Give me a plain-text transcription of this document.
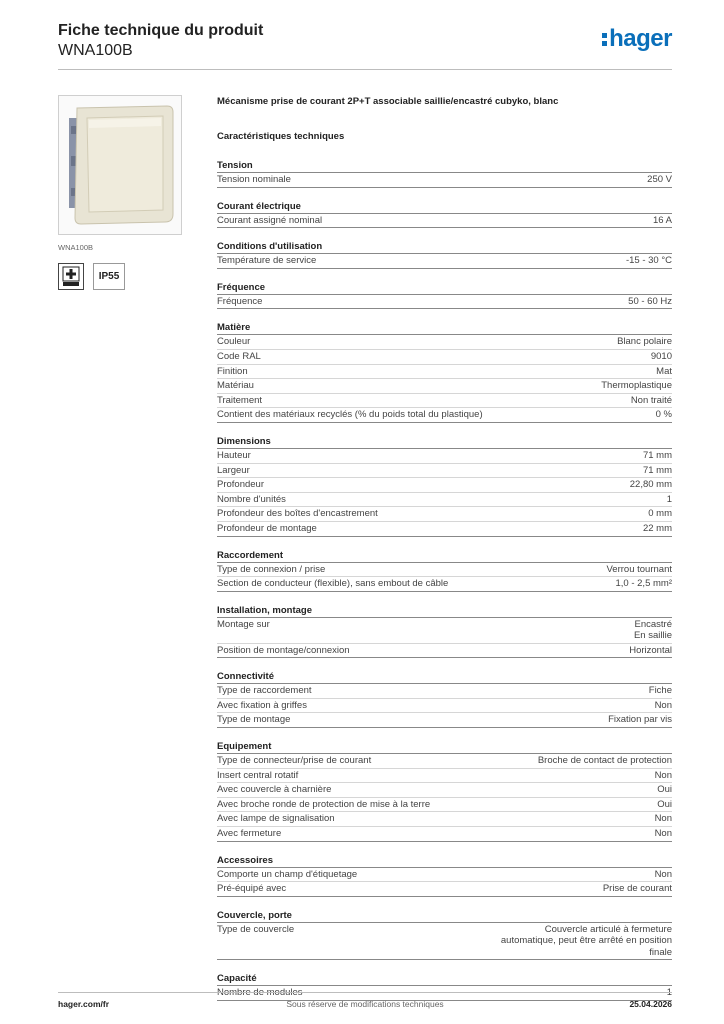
Fiche technique du produit
WNA100B	hager
WNA100B
IP55
Mécanisme prise de courant 2P+T associable saillie/encastré cubyko, blanc
Caractéristiques techniques
Tension
Tension nominale	250 V
Courant électrique
Courant assigné nominal	16 A
Conditions d'utilisation
Température de service	-15 - 30 °C
Fréquence
Fréquence	50 - 60 Hz
Matière
Couleur	Blanc polaire
Code RAL	9010
Finition	Mat
Matériau	Thermoplastique
Traitement	Non traité
Contient des matériaux recyclés (% du poids total du plastique)	0 %
Dimensions
Hauteur	71 mm
Largeur	71 mm
Profondeur	22,80 mm
Nombre d'unités	1
Profondeur des boîtes d'encastrement	0 mm
Profondeur de montage	22 mm
Raccordement
Type de connexion / prise	Verrou tournant
Section de conducteur (flexible), sans embout de câble	1,0 - 2,5 mm²
Installation, montage
Montage sur	Encastré
En saillie
Position de montage/connexion	Horizontal
Connectivité
Type de raccordement	Fiche
Avec fixation à griffes	Non
Type de montage	Fixation par vis
Equipement
Type de connecteur/prise de courant	Broche de contact de protection
Insert central rotatif	Non
Avec couvercle à charnière	Oui
Avec broche ronde de protection de mise à la terre	Oui
Avec lampe de signalisation	Non
Avec fermeture	Non
Accessoires
Comporte un champ d'étiquetage	Non
Pré-équipé avec	Prise de courant
Couvercle, porte
Type de couvercle	Couvercle articulé à fermeture
automatique, peut être arrêté en position
finale
Capacité
Nombre de modules	1
hager.com/fr	Sous réserve de modifications techniques	25.04.2026
